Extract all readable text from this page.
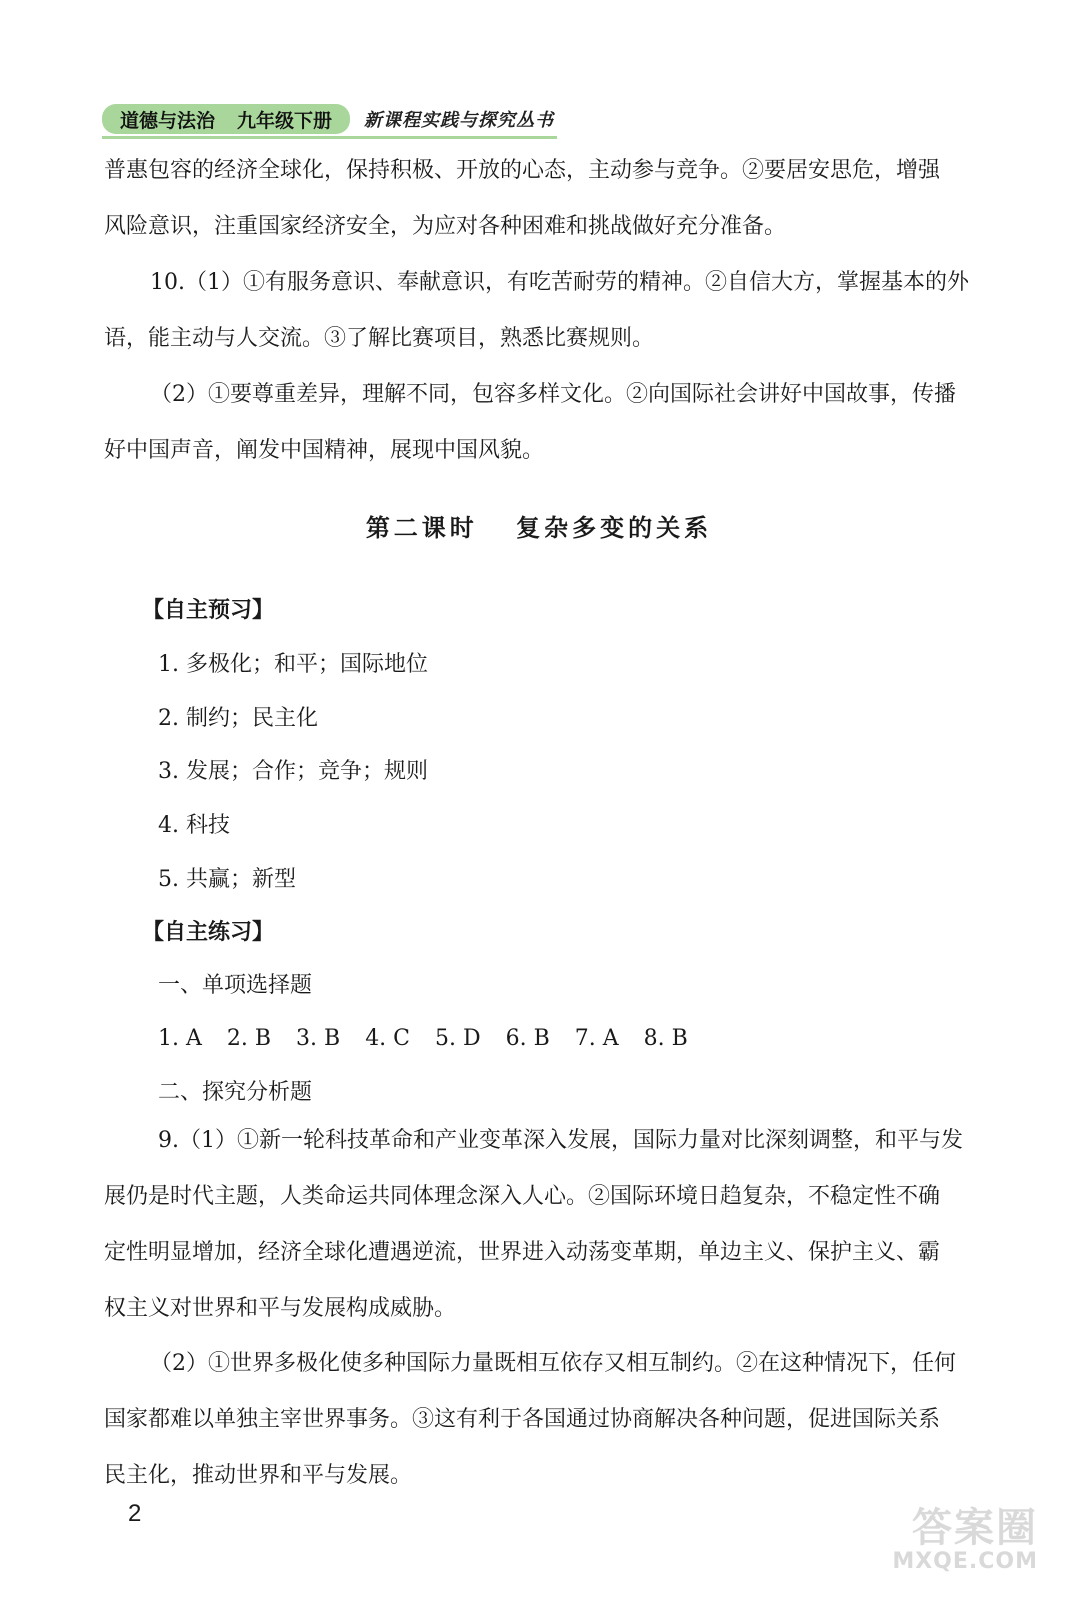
道德与法治 九年级下册 新课程实践与探究丛书
普惠包容的经济全球化，保持积极、开放的心态，主动参与竞争。②要居安思危，增强
风险意识，注重国家经济安全，为应对各种困难和挑战做好充分准备。
10.（1）①有服务意识、奉献意识，有吃苦耐劳的精神。②自信大方，掌握基本的外
语，能主动与人交流。③了解比赛项目，熟悉比赛规则。
（2）①要尊重差异，理解不同，包容多样文化。②向国际社会讲好中国故事，传播
好中国声音，阐发中国精神，展现中国风貌。
第二课时 复杂多变的关系
【自主预习】
1. 多极化；和平；国际地位
2. 制约；民主化
3. 发展；合作；竞争；规则
4. 科技
5. 共赢；新型
【自主练习】
一、单项选择题
1. A 2. B 3. B 4. C 5. D 6. B 7. A 8. B
二、探究分析题
9.（1）①新一轮科技革命和产业变革深入发展，国际力量对比深刻调整，和平与发
展仍是时代主题，人类命运共同体理念深入人心。②国际环境日趋复杂，不稳定性不确
定性明显增加，经济全球化遭遇逆流，世界进入动荡变革期，单边主义、保护主义、霸
权主义对世界和平与发展构成威胁。
（2）①世界多极化使多种国际力量既相互依存又相互制约。②在这种情况下，任何
国家都难以单独主宰世界事务。③这有利于各国通过协商解决各种问题，促进国际关系
民主化，推动世界和平与发展。
2	答案圈
MXQE.COM
